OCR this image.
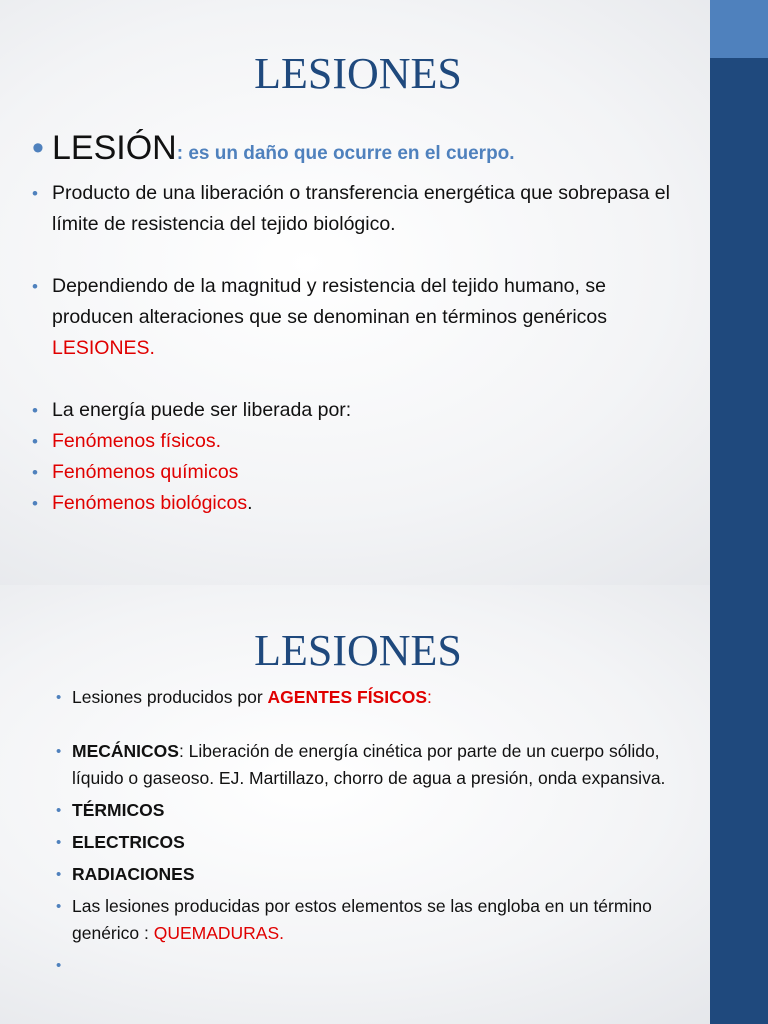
LESIONES
• LESIÓN: es un daño que ocurre en el cuerpo.
• Producto de una liberación o transferencia energética que sobrepasa el límite de resistencia del tejido biológico.
• Dependiendo de la magnitud y resistencia del tejido humano, se producen alteraciones que se denominan en términos genéricos LESIONES.
• La energía puede ser liberada por:
• Fenómenos físicos.
• Fenómenos químicos
• Fenómenos biológicos.
LESIONES
• Lesiones producidos por AGENTES FÍSICOS:
• MECÁNICOS: Liberación de energía cinética por parte de un cuerpo sólido, líquido o gaseoso. EJ. Martillazo, chorro de agua a presión, onda expansiva.
• TÉRMICOS
• ELECTRICOS
• RADIACIONES
• Las lesiones producidas por estos elementos se las engloba en un término genérico : QUEMADURAS.
•
